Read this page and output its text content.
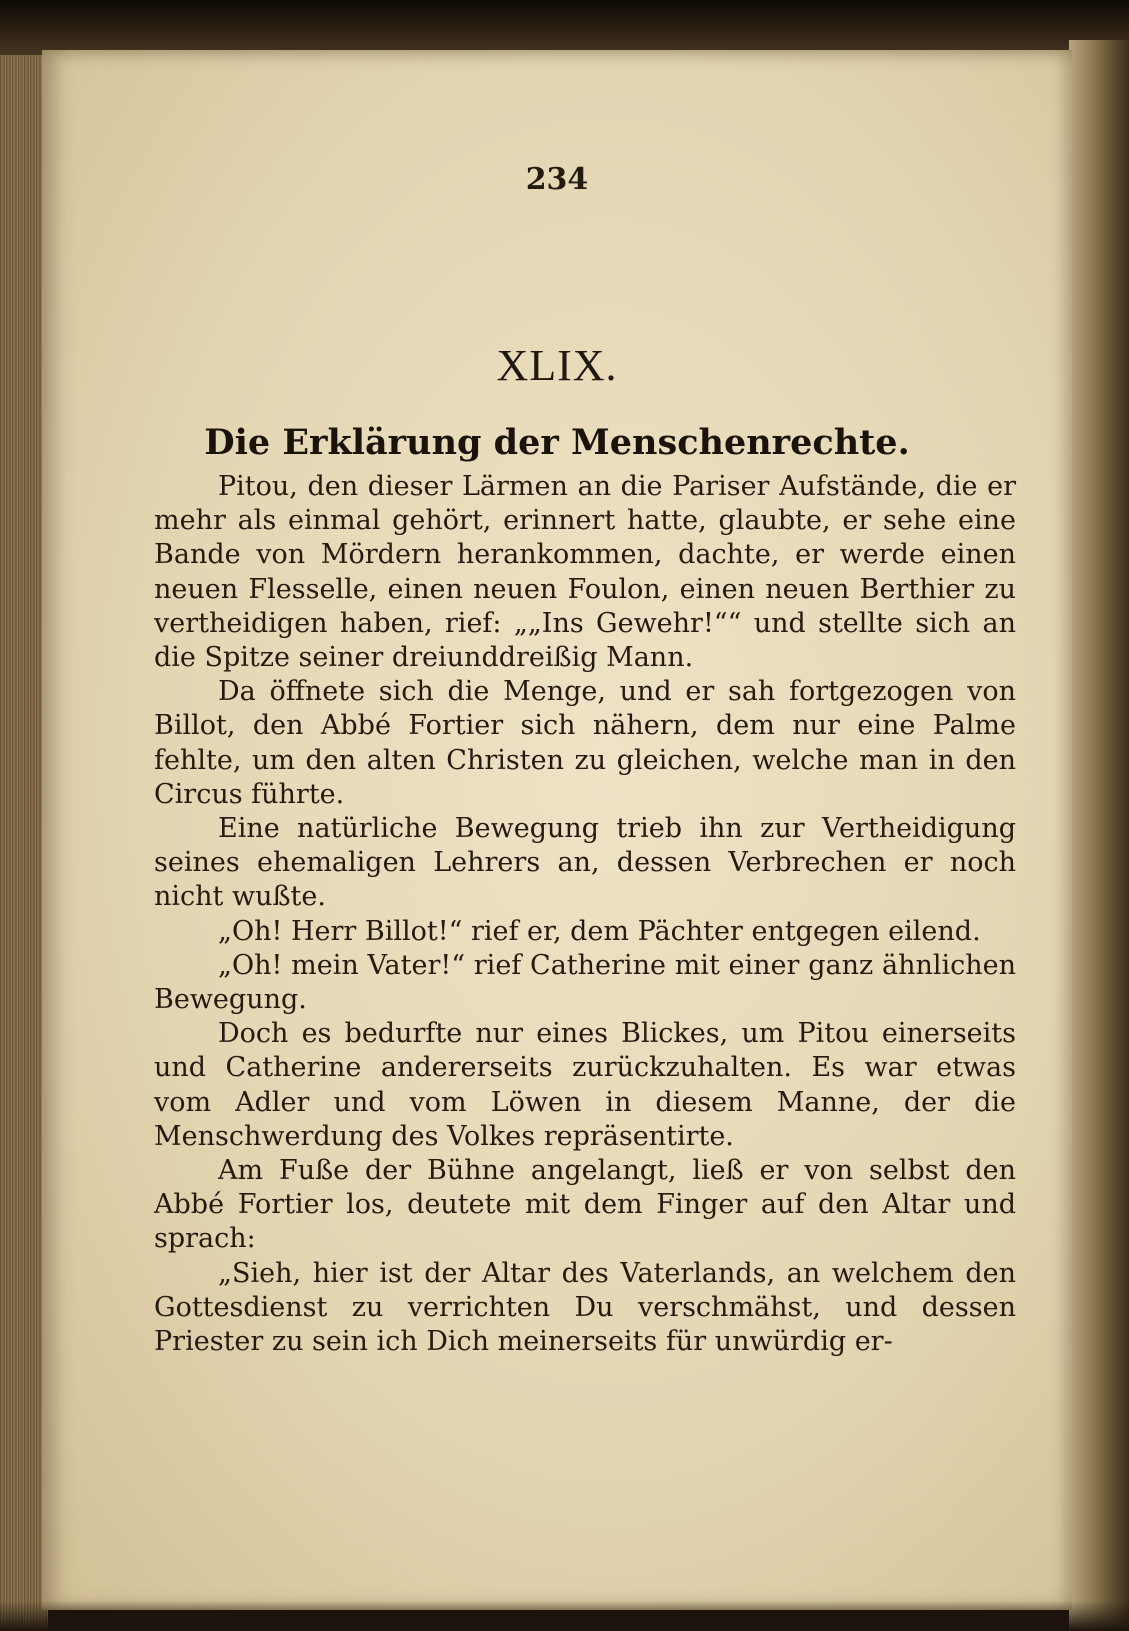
234
XLIX.
Die Erklärung der Menschenrechte.

Pitou, den dieser Lärmen an die Pariser Aufstände, die er mehr als einmal gehört, erinnert hatte, glaubte, er sehe eine Bande von Mördern herankommen, dachte, er werde einen neuen Flesselle, einen neuen Foulon, einen neuen Berthier zu vertheidigen haben, rief: „„Ins Gewehr!““ und stellte sich an die Spitze seiner dreiunddreißig Mann.

Da öffnete sich die Menge, und er sah fortgezogen von Billot, den Abbé Fortier sich nähern, dem nur eine Palme fehlte, um den alten Christen zu gleichen, welche man in den Circus führte.

Eine natürliche Bewegung trieb ihn zur Vertheidigung seines ehemaligen Lehrers an, dessen Verbrechen er noch nicht wußte.

„Oh! Herr Billot!“ rief er, dem Pächter entgegen eilend.

„Oh! mein Vater!“ rief Catherine mit einer ganz ähnlichen Bewegung.

Doch es bedurfte nur eines Blickes, um Pitou einerseits und Catherine andererseits zurückzuhalten. Es war etwas vom Adler und vom Löwen in diesem Manne, der die Menschwerdung des Volkes repräsentirte.

Am Fuße der Bühne angelangt, ließ er von selbst den Abbé Fortier los, deutete mit dem Finger auf den Altar und sprach:

„Sieh, hier ist der Altar des Vaterlands, an welchem den Gottesdienst zu verrichten Du verschmähst, und dessen Priester zu sein ich Dich meinerseits für unwürdig er-
